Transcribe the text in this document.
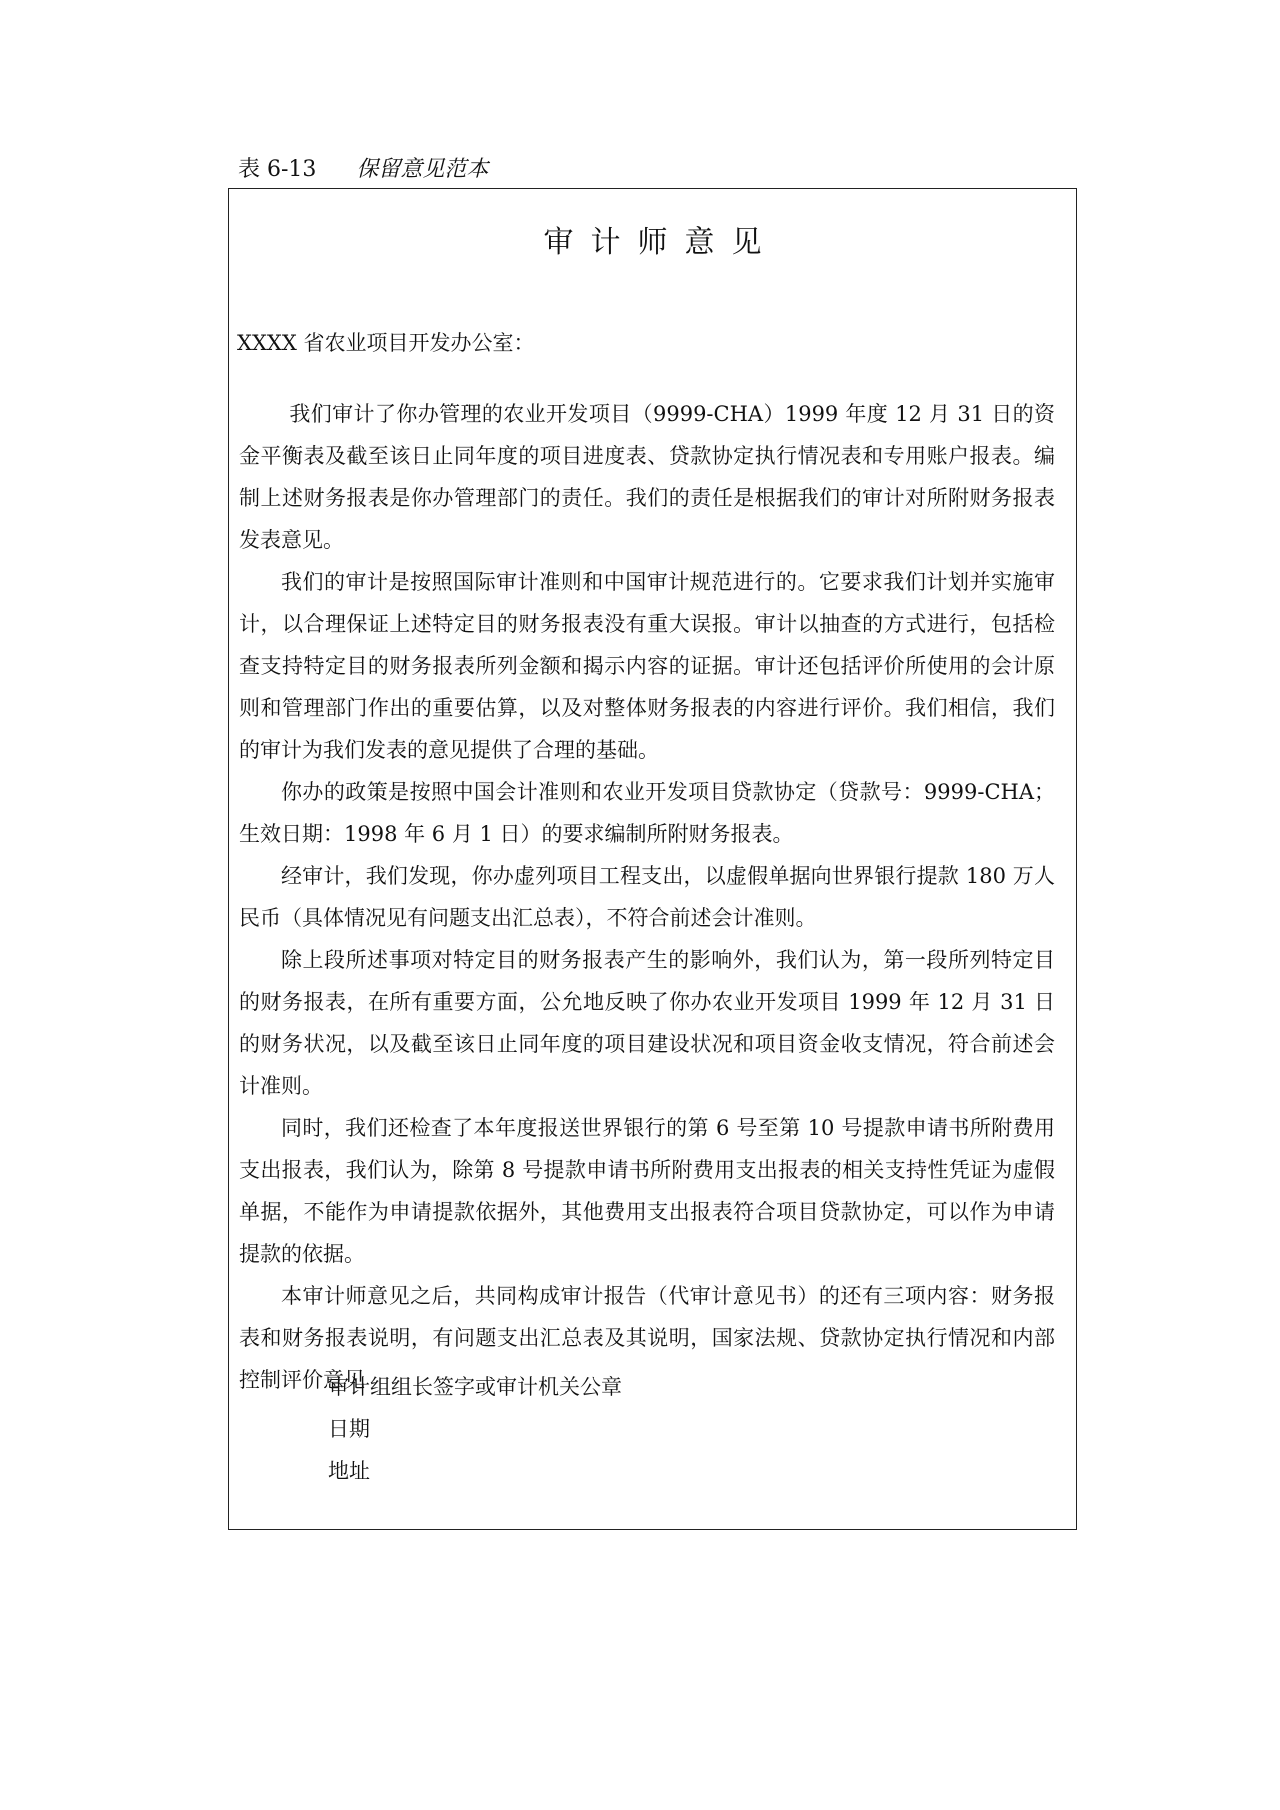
表 6-13 保留意见范本
审计师意见
XXXX 省农业项目开发办公室：

我们审计了你办管理的农业开发项目（9999-CHA）1999 年度 12 月 31 日的资金平衡表及截至该日止同年度的项目进度表、贷款协定执行情况表和专用账户报表。编制上述财务报表是你办管理部门的责任。我们的责任是根据我们的审计对所附财务报表发表意见。

我们的审计是按照国际审计准则和中国审计规范进行的。它要求我们计划并实施审计，以合理保证上述特定目的财务报表没有重大误报。审计以抽查的方式进行，包括检查支持特定目的财务报表所列金额和揭示内容的证据。审计还包括评价所使用的会计原则和管理部门作出的重要估算，以及对整体财务报表的内容进行评价。我们相信，我们的审计为我们发表的意见提供了合理的基础。

你办的政策是按照中国会计准则和农业开发项目贷款协定（贷款号：9999-CHA；生效日期：1998 年 6 月 1 日）的要求编制所附财务报表。

经审计，我们发现，你办虚列项目工程支出，以虚假单据向世界银行提款 180 万人民币（具体情况见有问题支出汇总表），不符合前述会计准则。

除上段所述事项对特定目的财务报表产生的影响外，我们认为，第一段所列特定目的财务报表，在所有重要方面，公允地反映了你办农业开发项目 1999 年 12 月 31 日的财务状况，以及截至该日止同年度的项目建设状况和项目资金收支情况，符合前述会计准则。

同时，我们还检查了本年度报送世界银行的第 6 号至第 10 号提款申请书所附费用支出报表，我们认为，除第 8 号提款申请书所附费用支出报表的相关支持性凭证为虚假单据，不能作为申请提款依据外，其他费用支出报表符合项目贷款协定，可以作为申请提款的依据。

本审计师意见之后，共同构成审计报告（代审计意见书）的还有三项内容：财务报表和财务报表说明，有问题支出汇总表及其说明，国家法规、贷款协定执行情况和内部控制评价意见

审计组组长签字或审计机关公章
日期
地址
